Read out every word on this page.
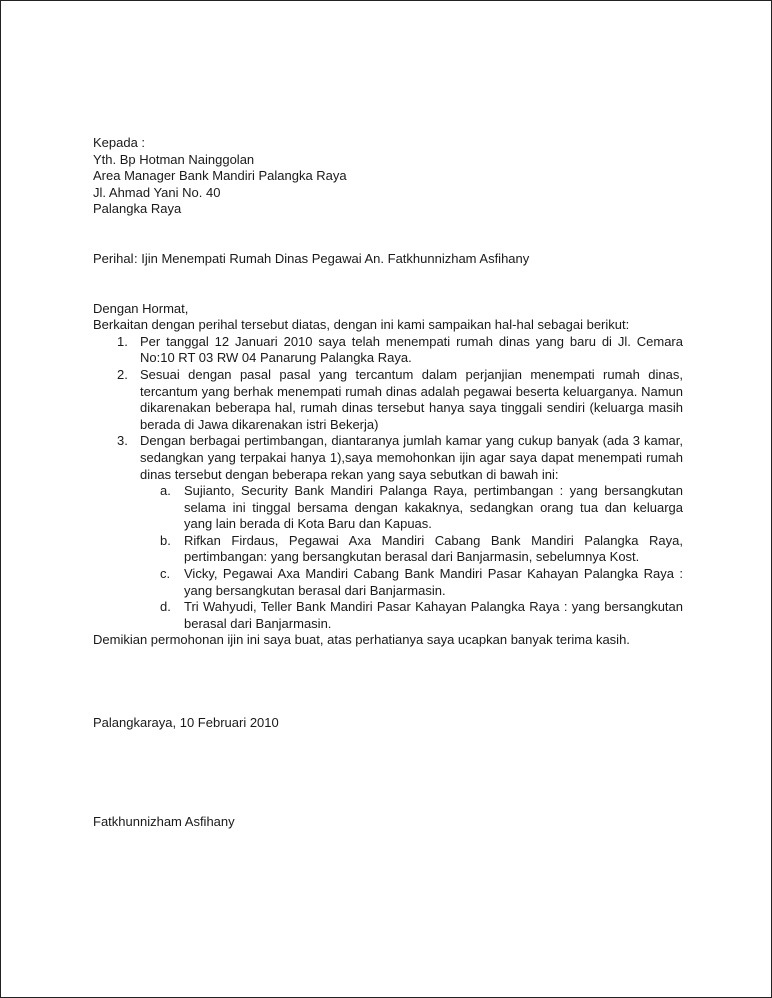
Kepada :
Yth. Bp Hotman Nainggolan
Area Manager Bank Mandiri Palangka Raya
Jl. Ahmad Yani No. 40
Palangka Raya
Perihal: Ijin Menempati Rumah Dinas Pegawai An. Fatkhunnizham Asfihany
Dengan Hormat,
Berkaitan dengan perihal tersebut diatas, dengan ini kami sampaikan hal-hal sebagai berikut:
1. Per tanggal 12 Januari 2010 saya telah menempati rumah dinas yang baru di Jl. Cemara No:10 RT 03 RW 04 Panarung Palangka Raya.
2. Sesuai dengan pasal pasal yang tercantum dalam perjanjian menempati rumah dinas, tercantum yang berhak menempati rumah dinas adalah pegawai beserta keluarganya. Namun dikarenakan beberapa hal, rumah dinas tersebut hanya saya tinggali sendiri (keluarga masih berada di Jawa dikarenakan istri Bekerja)
3. Dengan berbagai pertimbangan, diantaranya jumlah kamar yang cukup banyak (ada 3 kamar, sedangkan yang terpakai hanya 1),saya memohonkan ijin agar saya dapat menempati rumah dinas tersebut dengan beberapa rekan yang saya sebutkan di bawah ini:
a. Sujianto, Security Bank Mandiri Palanga Raya, pertimbangan : yang bersangkutan selama ini tinggal bersama dengan kakaknya, sedangkan orang tua dan keluarga yang lain berada di Kota Baru dan Kapuas.
b. Rifkan Firdaus, Pegawai Axa Mandiri Cabang Bank Mandiri Palangka Raya, pertimbangan: yang bersangkutan berasal dari Banjarmasin, sebelumnya Kost.
c. Vicky, Pegawai Axa Mandiri Cabang Bank Mandiri Pasar Kahayan Palangka Raya : yang bersangkutan berasal dari Banjarmasin.
d. Tri Wahyudi, Teller Bank Mandiri Pasar Kahayan Palangka Raya : yang bersangkutan berasal dari Banjarmasin.
Demikian permohonan ijin ini saya buat, atas perhatianya saya ucapkan banyak terima kasih.
Palangkaraya, 10 Februari 2010
Fatkhunnizham Asfihany
